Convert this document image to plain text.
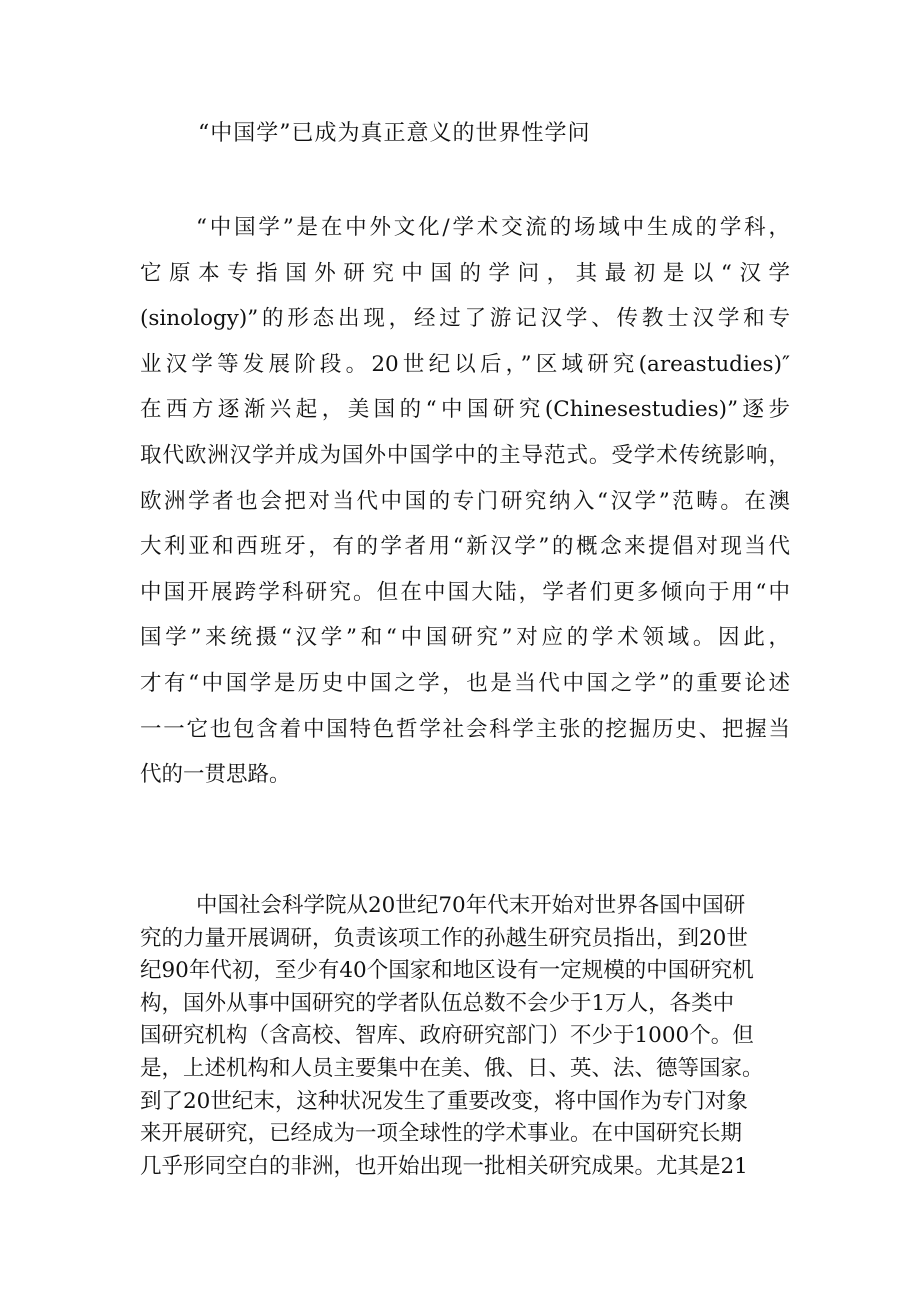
“中国学”已成为真正意义的世界性学问
“中国学”是在中外文化/学术交流的场域中生成的学科，
它原本专指国外研究中国的学问，其最初是以“汉学
(sinology)”的形态出现，经过了游记汉学、传教士汉学和专
业汉学等发展阶段。20世纪以后，”区域研究(areastudies)″
在西方逐渐兴起，美国的“中国研究(Chinesestudies)”逐步
取代欧洲汉学并成为国外中国学中的主导范式。受学术传统影响，
欧洲学者也会把对当代中国的专门研究纳入“汉学”范畴。在澳
大利亚和西班牙，有的学者用“新汉学”的概念来提倡对现当代
中国开展跨学科研究。但在中国大陆，学者们更多倾向于用“中
国学”来统摄“汉学”和“中国研究”对应的学术领域。因此，
才有“中国学是历史中国之学，也是当代中国之学”的重要论述
一一它也包含着中国特色哲学社会科学主张的挖掘历史、把握当
代的一贯思路。
中国社会科学院从20世纪70年代末开始对世界各国中国研
究的力量开展调研，负责该项工作的孙越生研究员指出，到20世
纪90年代初，至少有40个国家和地区设有一定规模的中国研究机
构，国外从事中国研究的学者队伍总数不会少于1万人，各类中
国研究机构（含高校、智库、政府研究部门）不少于1000个。但
是，上述机构和人员主要集中在美、俄、日、英、法、德等国家。
到了20世纪末，这种状况发生了重要改变，将中国作为专门对象
来开展研究，已经成为一项全球性的学术事业。在中国研究长期
几乎形同空白的非洲，也开始出现一批相关研究成果。尤其是21
